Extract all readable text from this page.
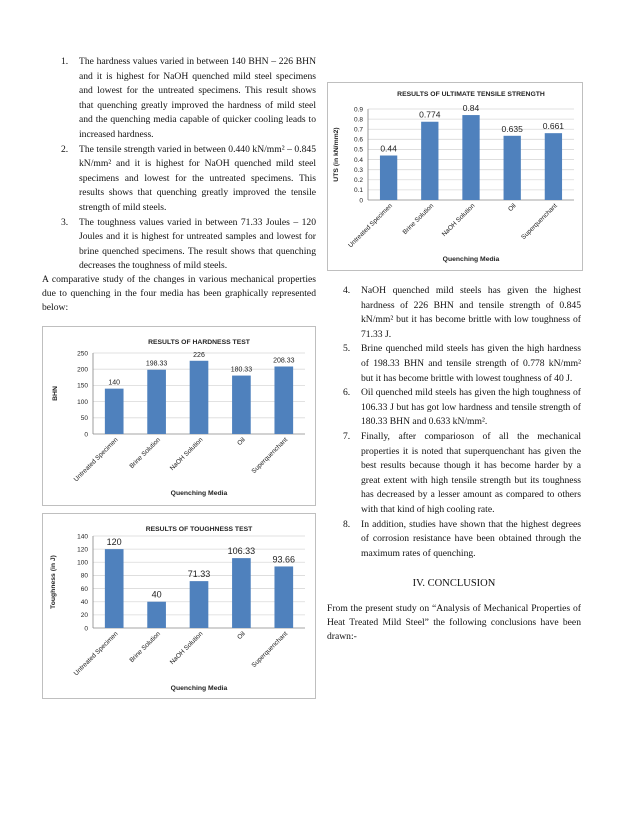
1. The hardness values varied in between 140 BHN – 226 BHN and it is highest for NaOH quenched mild steel specimens and lowest for the untreated specimens. This result shows that quenching greatly improved the hardness of mild steel and the quenching media capable of quicker cooling leads to increased hardness.
2. The tensile strength varied in between 0.440 kN/mm² – 0.845 kN/mm² and it is highest for NaOH quenched mild steel specimens and lowest for the untreated specimens. This results shows that quenching greatly improved the tensile strength of mild steels.
3. The toughness values varied in between 71.33 Joules – 120 Joules and it is highest for untreated samples and lowest for brine quenched specimens. The result shows that quenching decreases the toughness of mild steels.

A comparative study of the changes in various mechanical properties due to quenching in the four media has been graphically represented below:

RESULTS OF ULTIMATE TENSILE STRENGTH
0
0.1
0.2
0.3
0.4
0.5
0.6
0.7
0.8
0.9
0.44
Untreated Specimen
0.774
Brine Solution
0.84
NaOH Solution
0.635
Oil
0.661
Superquenchant
Quenching Media
UTS (in kN/mm2)
RESULTS OF HARDNESS TEST
0
50
100
150
200
250
140
Untreated Specimen
198.33
Brine Solution
226
NaOH Solution
180.33
Oil
208.33
Superquenchant
Quenching Media
BHN
RESULTS OF TOUGHNESS TEST
0
20
40
60
80
100
120
140
120
Untreated Specimen
40
Brine Solution
71.33
NaOH Solution
106.33
Oil
93.66
Superquenchant
Quenching Media
Toughness (in J)
4. NaOH quenched mild steels has given the highest hardness of 226 BHN and tensile strength of 0.845 kN/mm² but it has become brittle with low toughness of 71.33 J.
5. Brine quenched mild steels has given the high hardness of 198.33 BHN and tensile strength of 0.778 kN/mm² but it has become brittle with lowest toughness of 40 J.
6. Oil quenched mild steels has given the high toughness of 106.33 J but has got low hardness and tensile strength of 180.33 BHN and 0.633 kN/mm².
7. Finally, after comparioson of all the mechanical properties it is noted that superquenchant has given the best results because though it has become harder by a great extent with high tensile strength but its toughness has decreased by a lesser amount as compared to others with that kind of high cooling rate.
8. In addition, studies have shown that the highest degrees of corrosion resistance have been obtained through the maximum rates of quenching.
IV. CONCLUSION

From the present study on “Analysis of Mechanical Properties of Heat Treated Mild Steel” the following conclusions have been drawn:-
